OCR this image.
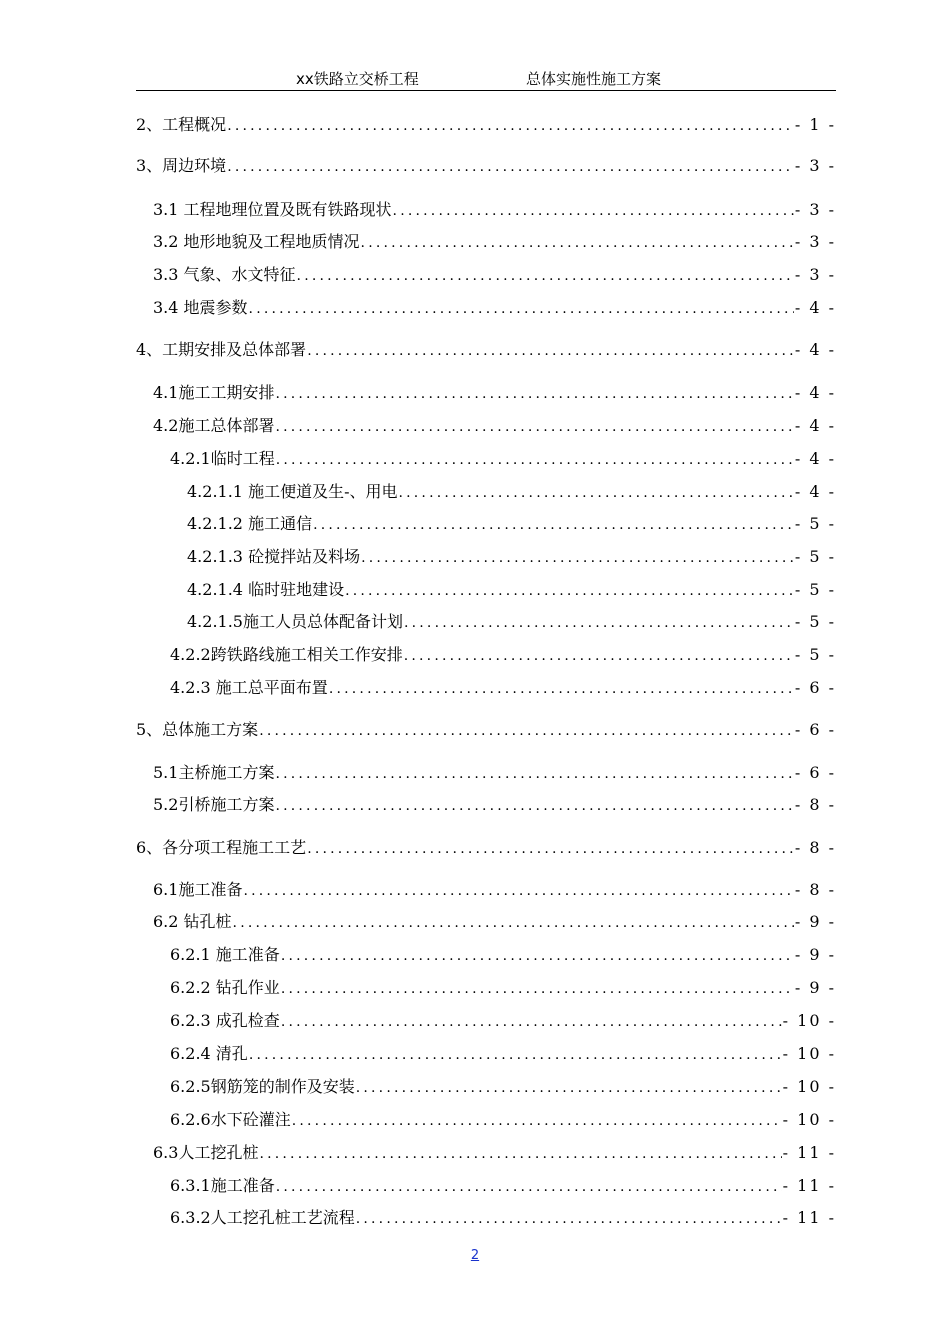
xx铁路立交桥工程	总体实施性施工方案
2、工程概况 .....	- 1 -
3、周边环境 .....	- 3 -
3.1 工程地理位置及既有铁路现状 .....	- 3 -
3.2 地形地貌及工程地质情况 .....	- 3 -
3.3 气象、水文特征 .....	- 3 -
3.4 地震参数 .....	- 4 -
4、工期安排及总体部署 .....	- 4 -
4.1施工工期安排 .....	- 4 -
4.2施工总体部署 .....	- 4 -
4.2.1临时工程 .....	- 4 -
4.2.1.1 施工便道及生-、用电 .....	- 4 -
4.2.1.2 施工通信 .....	- 5 -
4.2.1.3 砼搅拌站及料场 .....	- 5 -
4.2.1.4 临时驻地建设 .....	- 5 -
4.2.1.5施工人员总体配备计划 .....	- 5 -
4.2.2跨铁路线施工相关工作安排 .....	- 5 -
4.2.3 施工总平面布置 .....	- 6 -
5、总体施工方案 .....	- 6 -
5.1主桥施工方案 .....	- 6 -
5.2引桥施工方案 .....	- 8 -
6、各分项工程施工工艺 .....	- 8 -
6.1施工准备 .....	- 8 -
6.2 钻孔桩 .....	- 9 -
6.2.1 施工准备 .....	- 9 -
6.2.2 钻孔作业 .....	- 9 -
6.2.3 成孔检查 .....	- 10 -
6.2.4 清孔 .....	- 10 -
6.2.5钢筋笼的制作及安装 .....	- 10 -
6.2.6水下砼灌注 .....	- 10 -
6.3人工挖孔桩 .....	- 11 -
6.3.1施工准备 .....	- 11 -
6.3.2人工挖孔桩工艺流程 .....	- 11 -
2
